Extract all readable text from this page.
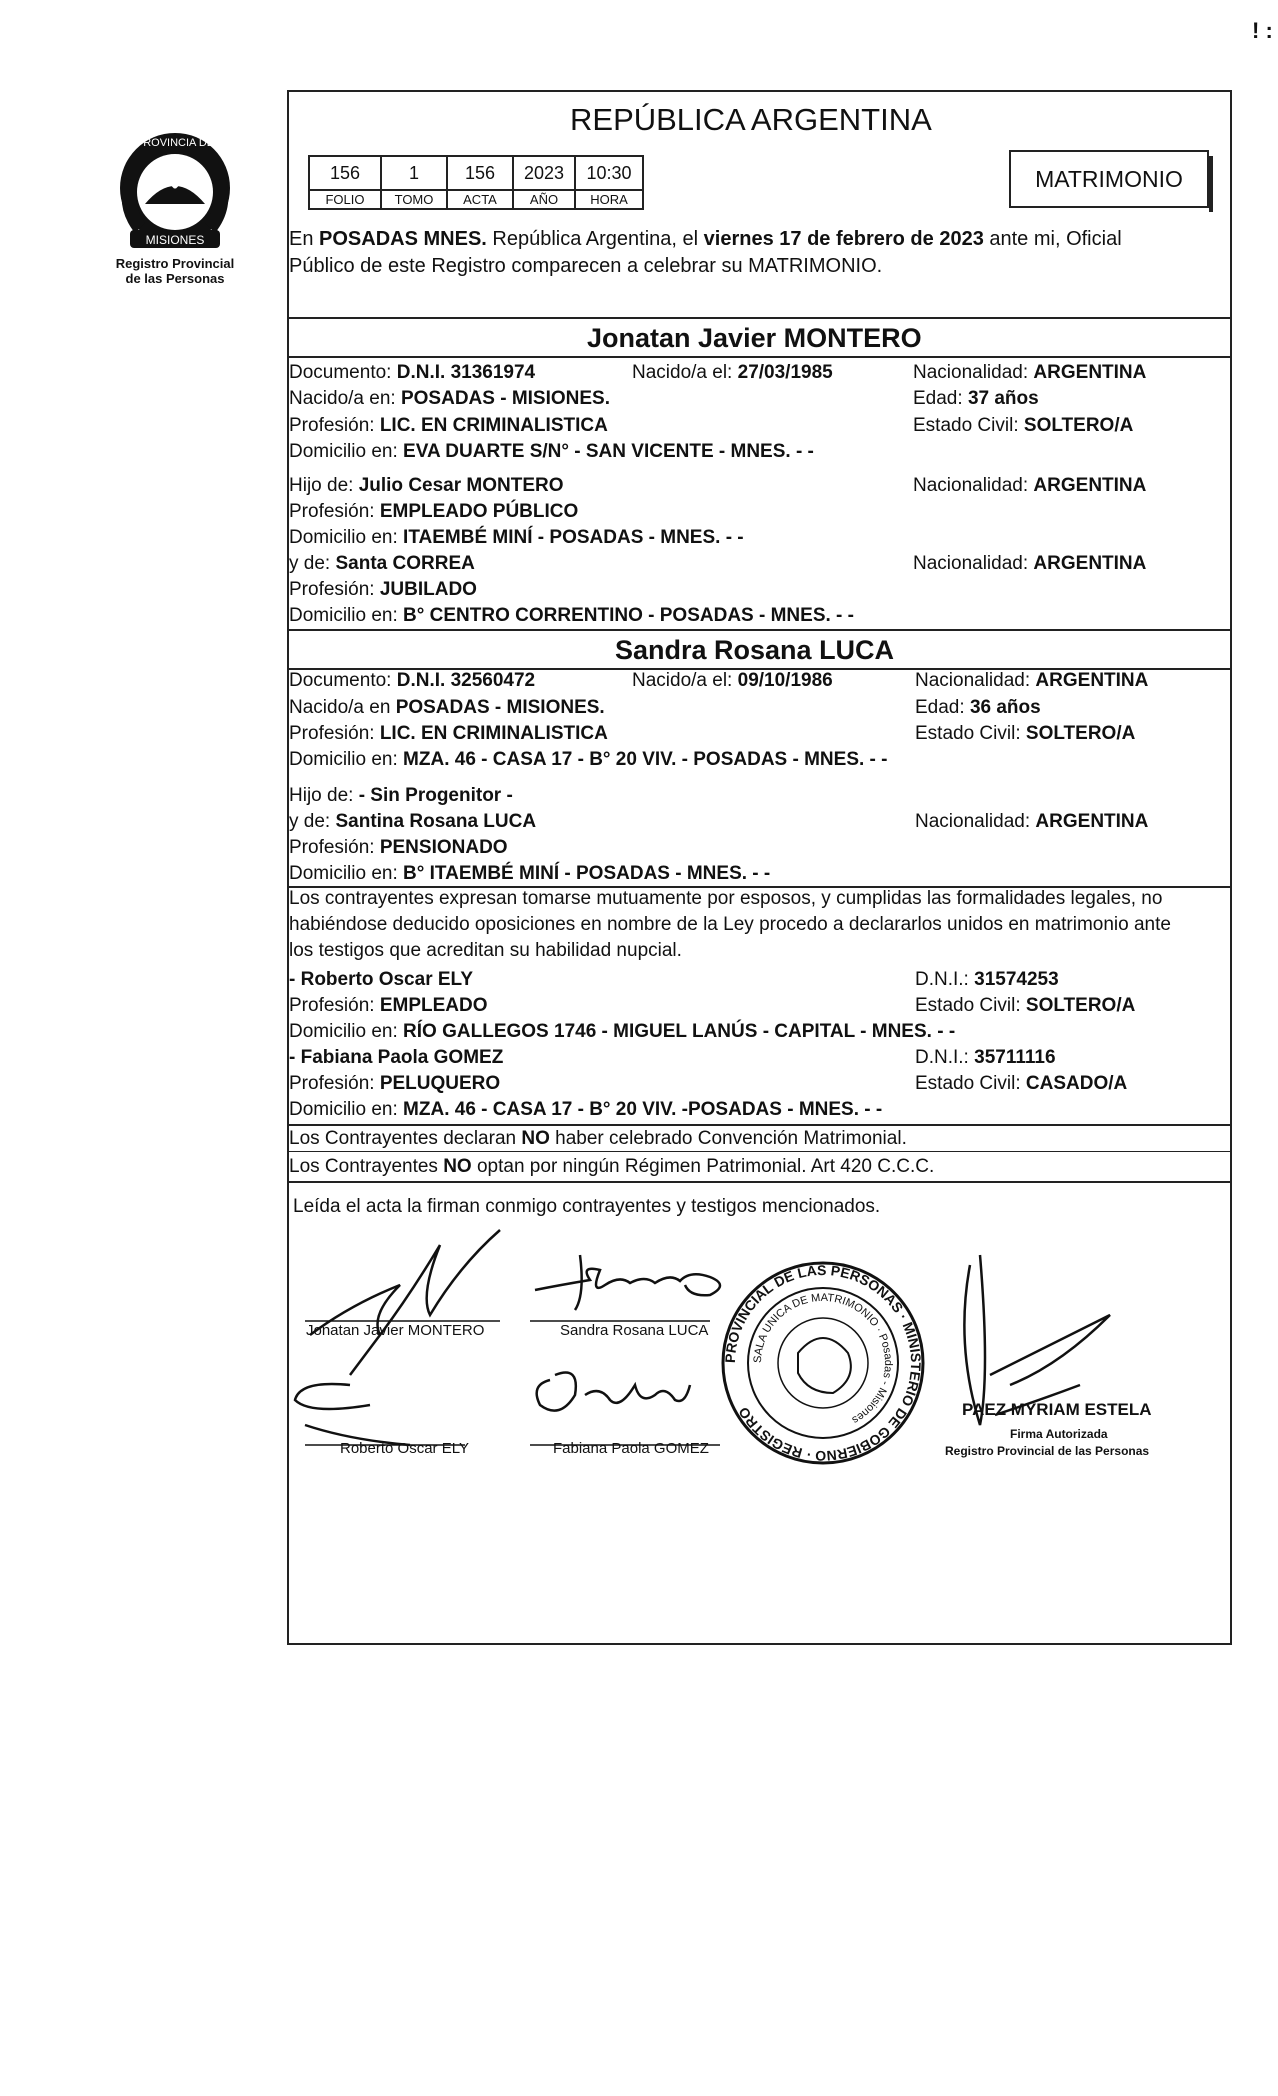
MISIONES
PROVINCIA DE
Registro Provincial
de las Personas
! :
REPÚBLICA ARGENTINA
156	1	156	2023	10:30
FOLIO	TOMO	ACTA	AÑO	HORA
MATRIMONIO
En POSADAS MNES. República Argentina, el viernes 17 de febrero de 2023 ante mi, Oficial
Público de este Registro comparecen a celebrar su MATRIMONIO.
Jonatan Javier MONTERO
Documento: D.N.I. 31361974	Nacido/a el: 27/03/1985	Nacionalidad: ARGENTINA
Nacido/a en: POSADAS - MISIONES.	Edad: 37 años
Profesión: LIC. EN CRIMINALISTICA	Estado Civil: SOLTERO/A
Domicilio en: EVA DUARTE S/N° - SAN VICENTE - MNES. - -
Hijo de: Julio Cesar MONTERO	Nacionalidad: ARGENTINA
Profesión: EMPLEADO PÚBLICO
Domicilio en: ITAEMBÉ MINÍ - POSADAS - MNES. - -
y de: Santa CORREA	Nacionalidad: ARGENTINA
Profesión: JUBILADO
Domicilio en: B° CENTRO CORRENTINO - POSADAS - MNES. - -
Sandra Rosana LUCA
Documento: D.N.I. 32560472	Nacido/a el: 09/10/1986	Nacionalidad: ARGENTINA
Nacido/a en POSADAS - MISIONES.	Edad: 36 años
Profesión: LIC. EN CRIMINALISTICA	Estado Civil: SOLTERO/A
Domicilio en: MZA. 46 - CASA 17 - B° 20 VIV. - POSADAS - MNES. - -
Hijo de: - Sin Progenitor -
y de: Santina Rosana LUCA	Nacionalidad: ARGENTINA
Profesión: PENSIONADO
Domicilio en: B° ITAEMBÉ MINÍ - POSADAS - MNES. - -
Los contrayentes expresan tomarse mutuamente por esposos, y cumplidas las formalidades legales, no
habiéndose deducido oposiciones en nombre de la Ley procedo a declararlos unidos en matrimonio ante
los testigos que acreditan su habilidad nupcial.
- Roberto Oscar ELY	D.N.I.: 31574253
Profesión: EMPLEADO	Estado Civil: SOLTERO/A
Domicilio en: RÍO GALLEGOS 1746 - MIGUEL LANÚS - CAPITAL - MNES. - -
- Fabiana Paola GOMEZ	D.N.I.: 35711116
Profesión: PELUQUERO	Estado Civil: CASADO/A
Domicilio en: MZA. 46 - CASA 17 - B° 20 VIV. -POSADAS - MNES. - -
Los Contrayentes declaran NO haber celebrado Convención Matrimonial.
Los Contrayentes NO optan por ningún Régimen Patrimonial. Art 420 C.C.C.
Leída el acta la firman conmigo contrayentes y testigos mencionados.
PROVINCIAL DE LAS PERSONAS · MINISTERIO DE GOBIERNO · REGISTRO
SALA UNICA DE MATRIMONIO · Posadas - Misiones
Jonatan Javier MONTERO	Sandra Rosana LUCA
Roberto Oscar ELY	Fabiana Paola GOMEZ
PAEZ MYRIAM ESTELA
Firma Autorizada
Registro Provincial de las Personas
